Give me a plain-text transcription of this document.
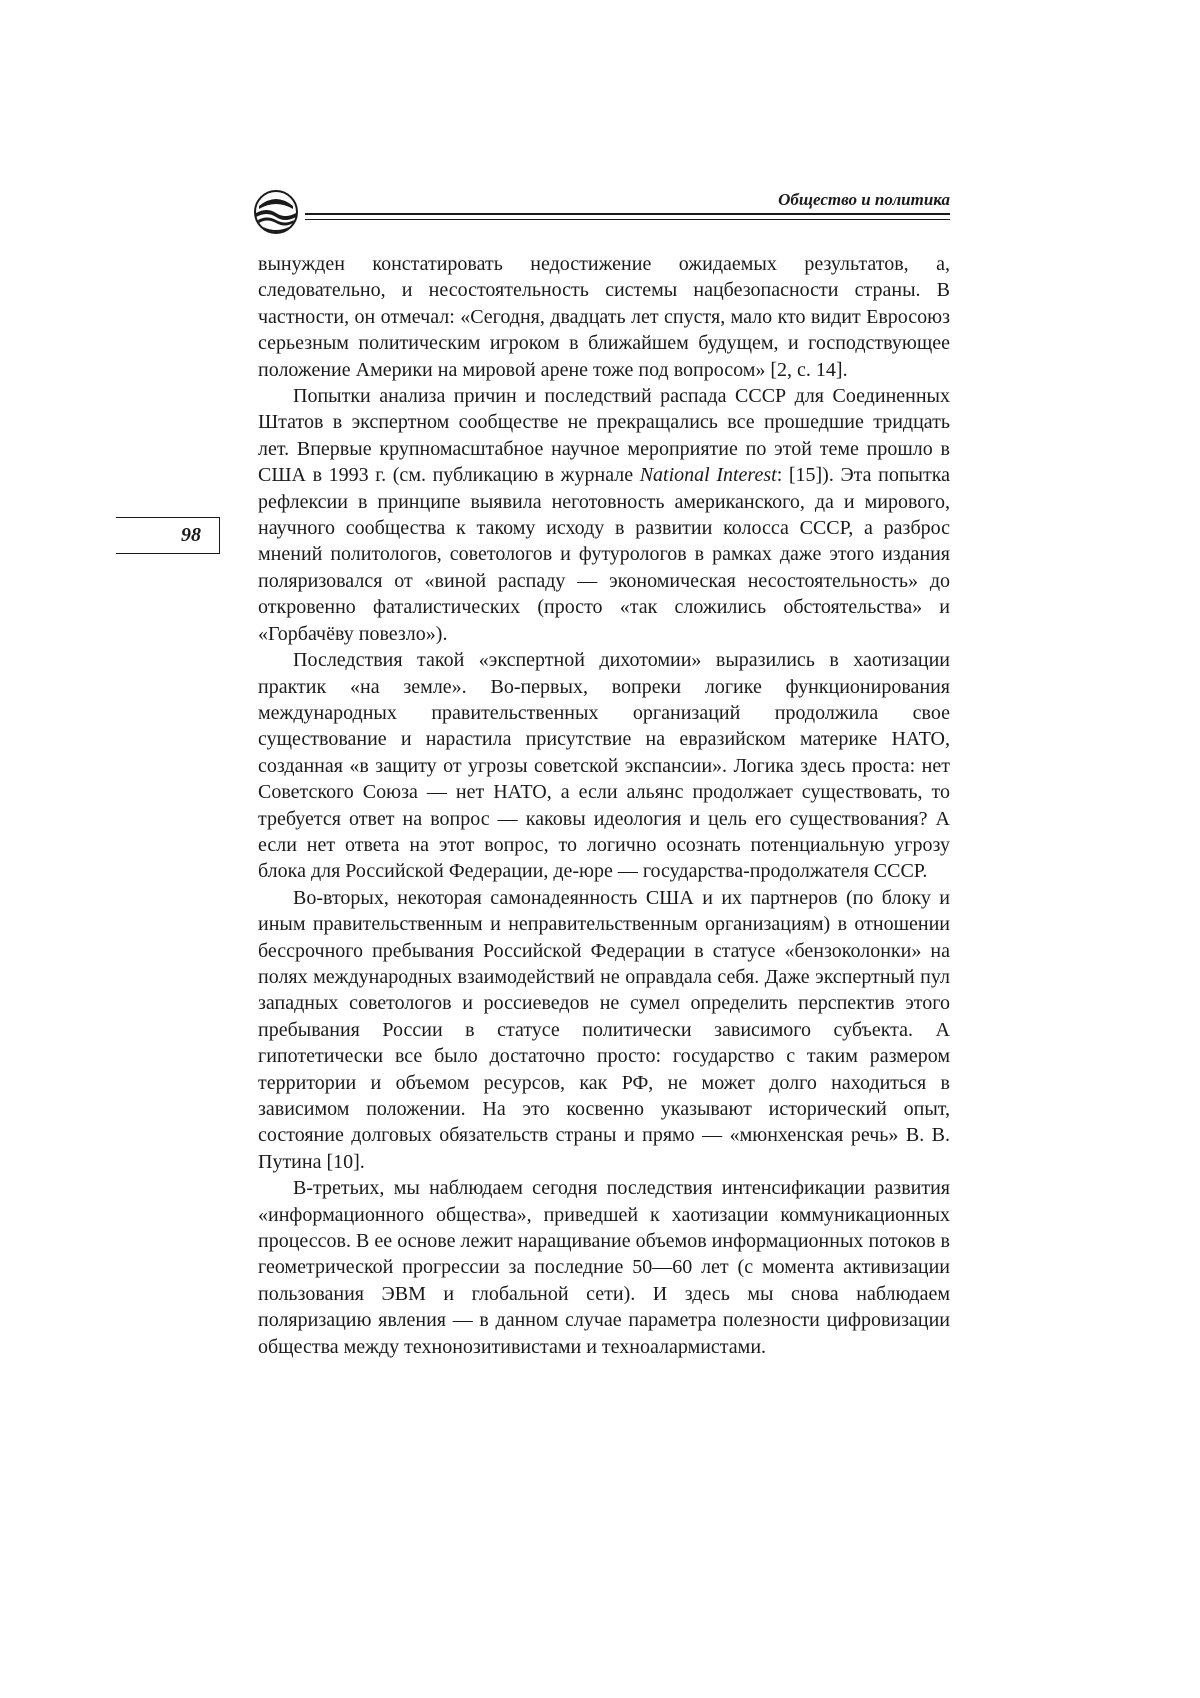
Общество и политика
98

вынужден констатировать недостижение ожидаемых результатов, а, следовательно, и несостоятельность системы нацбезопасности страны. В частности, он отмечал: «Сегодня, двадцать лет спустя, мало кто видит Евросоюз серьезным политическим игроком в ближайшем будущем, и господствующее положение Америки на мировой арене тоже под вопросом» [2, с. 14].

Попытки анализа причин и последствий распада СССР для Соединенных Штатов в экспертном сообществе не прекращались все прошедшие тридцать лет. Впервые крупномасштабное научное мероприятие по этой теме прошло в США в 1993 г. (см. публикацию в журнале National Interest: [15]). Эта попытка рефлексии в принципе выявила неготовность американского, да и мирового, научного сообщества к такому исходу в развитии колосса СССР, а разброс мнений политологов, советологов и футурологов в рамках даже этого издания поляризовался от «виной распаду — экономическая несостоятельность» до откровенно фаталистических (просто «так сложились обстоятельства» и «Горбачёву повезло»).

Последствия такой «экспертной дихотомии» выразились в хаотизации практик «на земле». Во-первых, вопреки логике функционирования международных правительственных организаций продолжила свое существование и нарастила присутствие на евразийском материке НАТО, созданная «в защиту от угрозы советской экспансии». Логика здесь проста: нет Советского Союза — нет НАТО, а если альянс продолжает существовать, то требуется ответ на вопрос — каковы идеология и цель его существования? А если нет ответа на этот вопрос, то логично осознать потенциальную угрозу блока для Российской Федерации, де-юре — государства-продолжателя СССР.

Во-вторых, некоторая самонадеянность США и их партнеров (по блоку и иным правительственным и неправительственным организациям) в отношении бессрочного пребывания Российской Федерации в статусе «бензоколонки» на полях международных взаимодействий не оправдала себя. Даже экспертный пул западных советологов и россиеведов не сумел определить перспектив этого пребывания России в статусе политически зависимого субъекта. А гипотетически все было достаточно просто: государство с таким размером территории и объемом ресурсов, как РФ, не может долго находиться в зависимом положении. На это косвенно указывают исторический опыт, состояние долговых обязательств страны и прямо — «мюнхенская речь» В. В. Путина [10].

В-третьих, мы наблюдаем сегодня последствия интенсификации развития «информационного общества», приведшей к хаотизации коммуникационных процессов. В ее основе лежит наращивание объемов информационных потоков в геометрической прогрессии за последние 50—60 лет (с момента активизации пользования ЭВМ и глобальной сети). И здесь мы снова наблюдаем поляризацию явления — в данном случае параметра полезности цифровизации общества между технонозитивистами и техноалармистами.
